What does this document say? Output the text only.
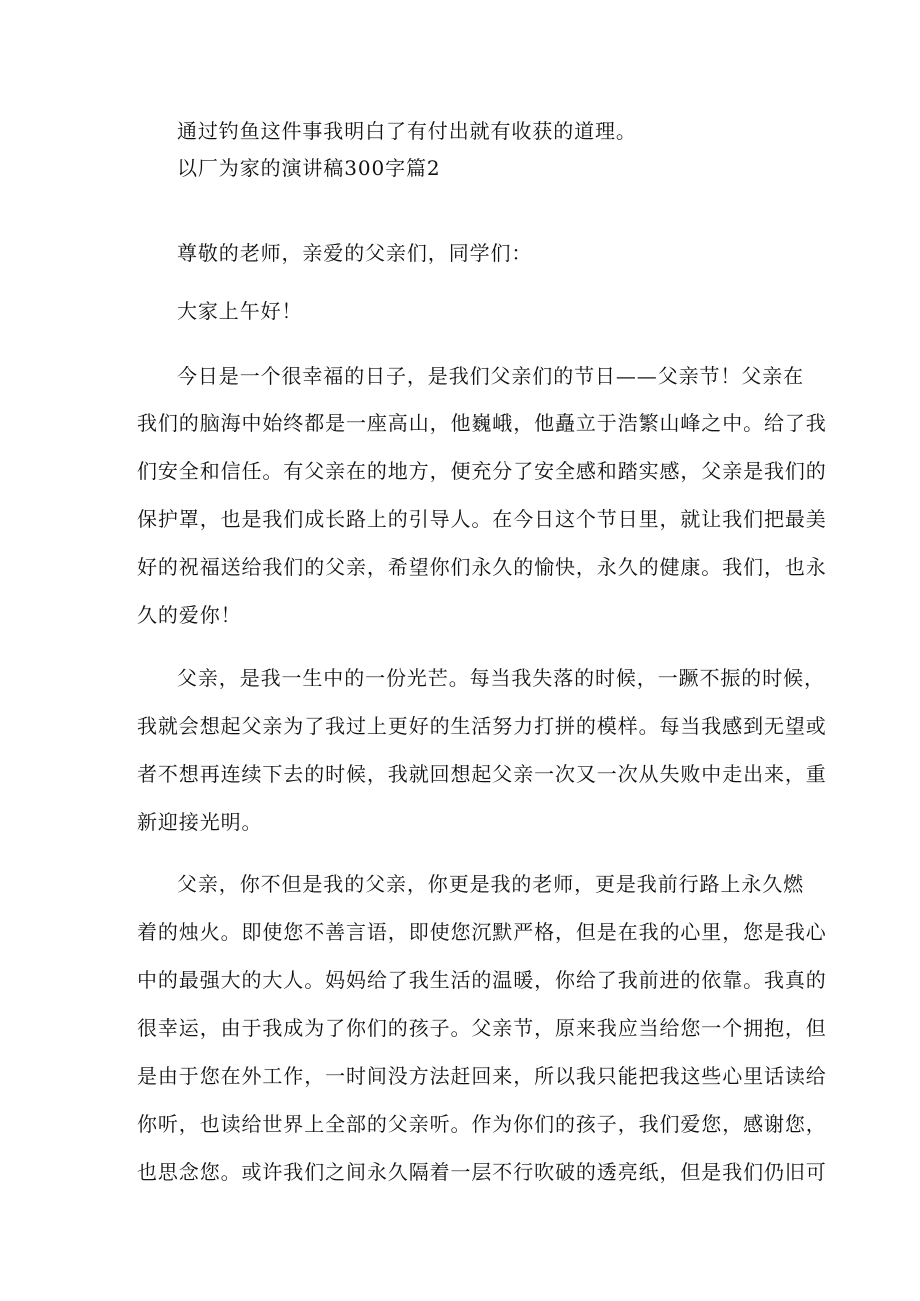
通过钓鱼这件事我明白了有付出就有收获的道理。
以厂为家的演讲稿300字篇2
尊敬的老师，亲爱的父亲们，同学们：
大家上午好！
今日是一个很幸福的日子，是我们父亲们的节日——父亲节！父亲在
我们的脑海中始终都是一座高山，他巍峨，他矗立于浩繁山峰之中。给了我
们安全和信任。有父亲在的地方，便充分了安全感和踏实感，父亲是我们的
保护罩，也是我们成长路上的引导人。在今日这个节日里，就让我们把最美
好的祝福送给我们的父亲，希望你们永久的愉快，永久的健康。我们，也永
久的爱你！
父亲，是我一生中的一份光芒。每当我失落的时候，一蹶不振的时候，
我就会想起父亲为了我过上更好的生活努力打拼的模样。每当我感到无望或
者不想再连续下去的时候，我就回想起父亲一次又一次从失败中走出来，重
新迎接光明。
父亲，你不但是我的父亲，你更是我的老师，更是我前行路上永久燃
着的烛火。即使您不善言语，即使您沉默严格，但是在我的心里，您是我心
中的最强大的大人。妈妈给了我生活的温暖，你给了我前进的依靠。我真的
很幸运，由于我成为了你们的孩子。父亲节，原来我应当给您一个拥抱，但
是由于您在外工作，一时间没方法赶回来，所以我只能把我这些心里话读给
你听，也读给世界上全部的父亲听。作为你们的孩子，我们爱您，感谢您，
也思念您。或许我们之间永久隔着一层不行吹破的透亮纸，但是我们仍旧可
